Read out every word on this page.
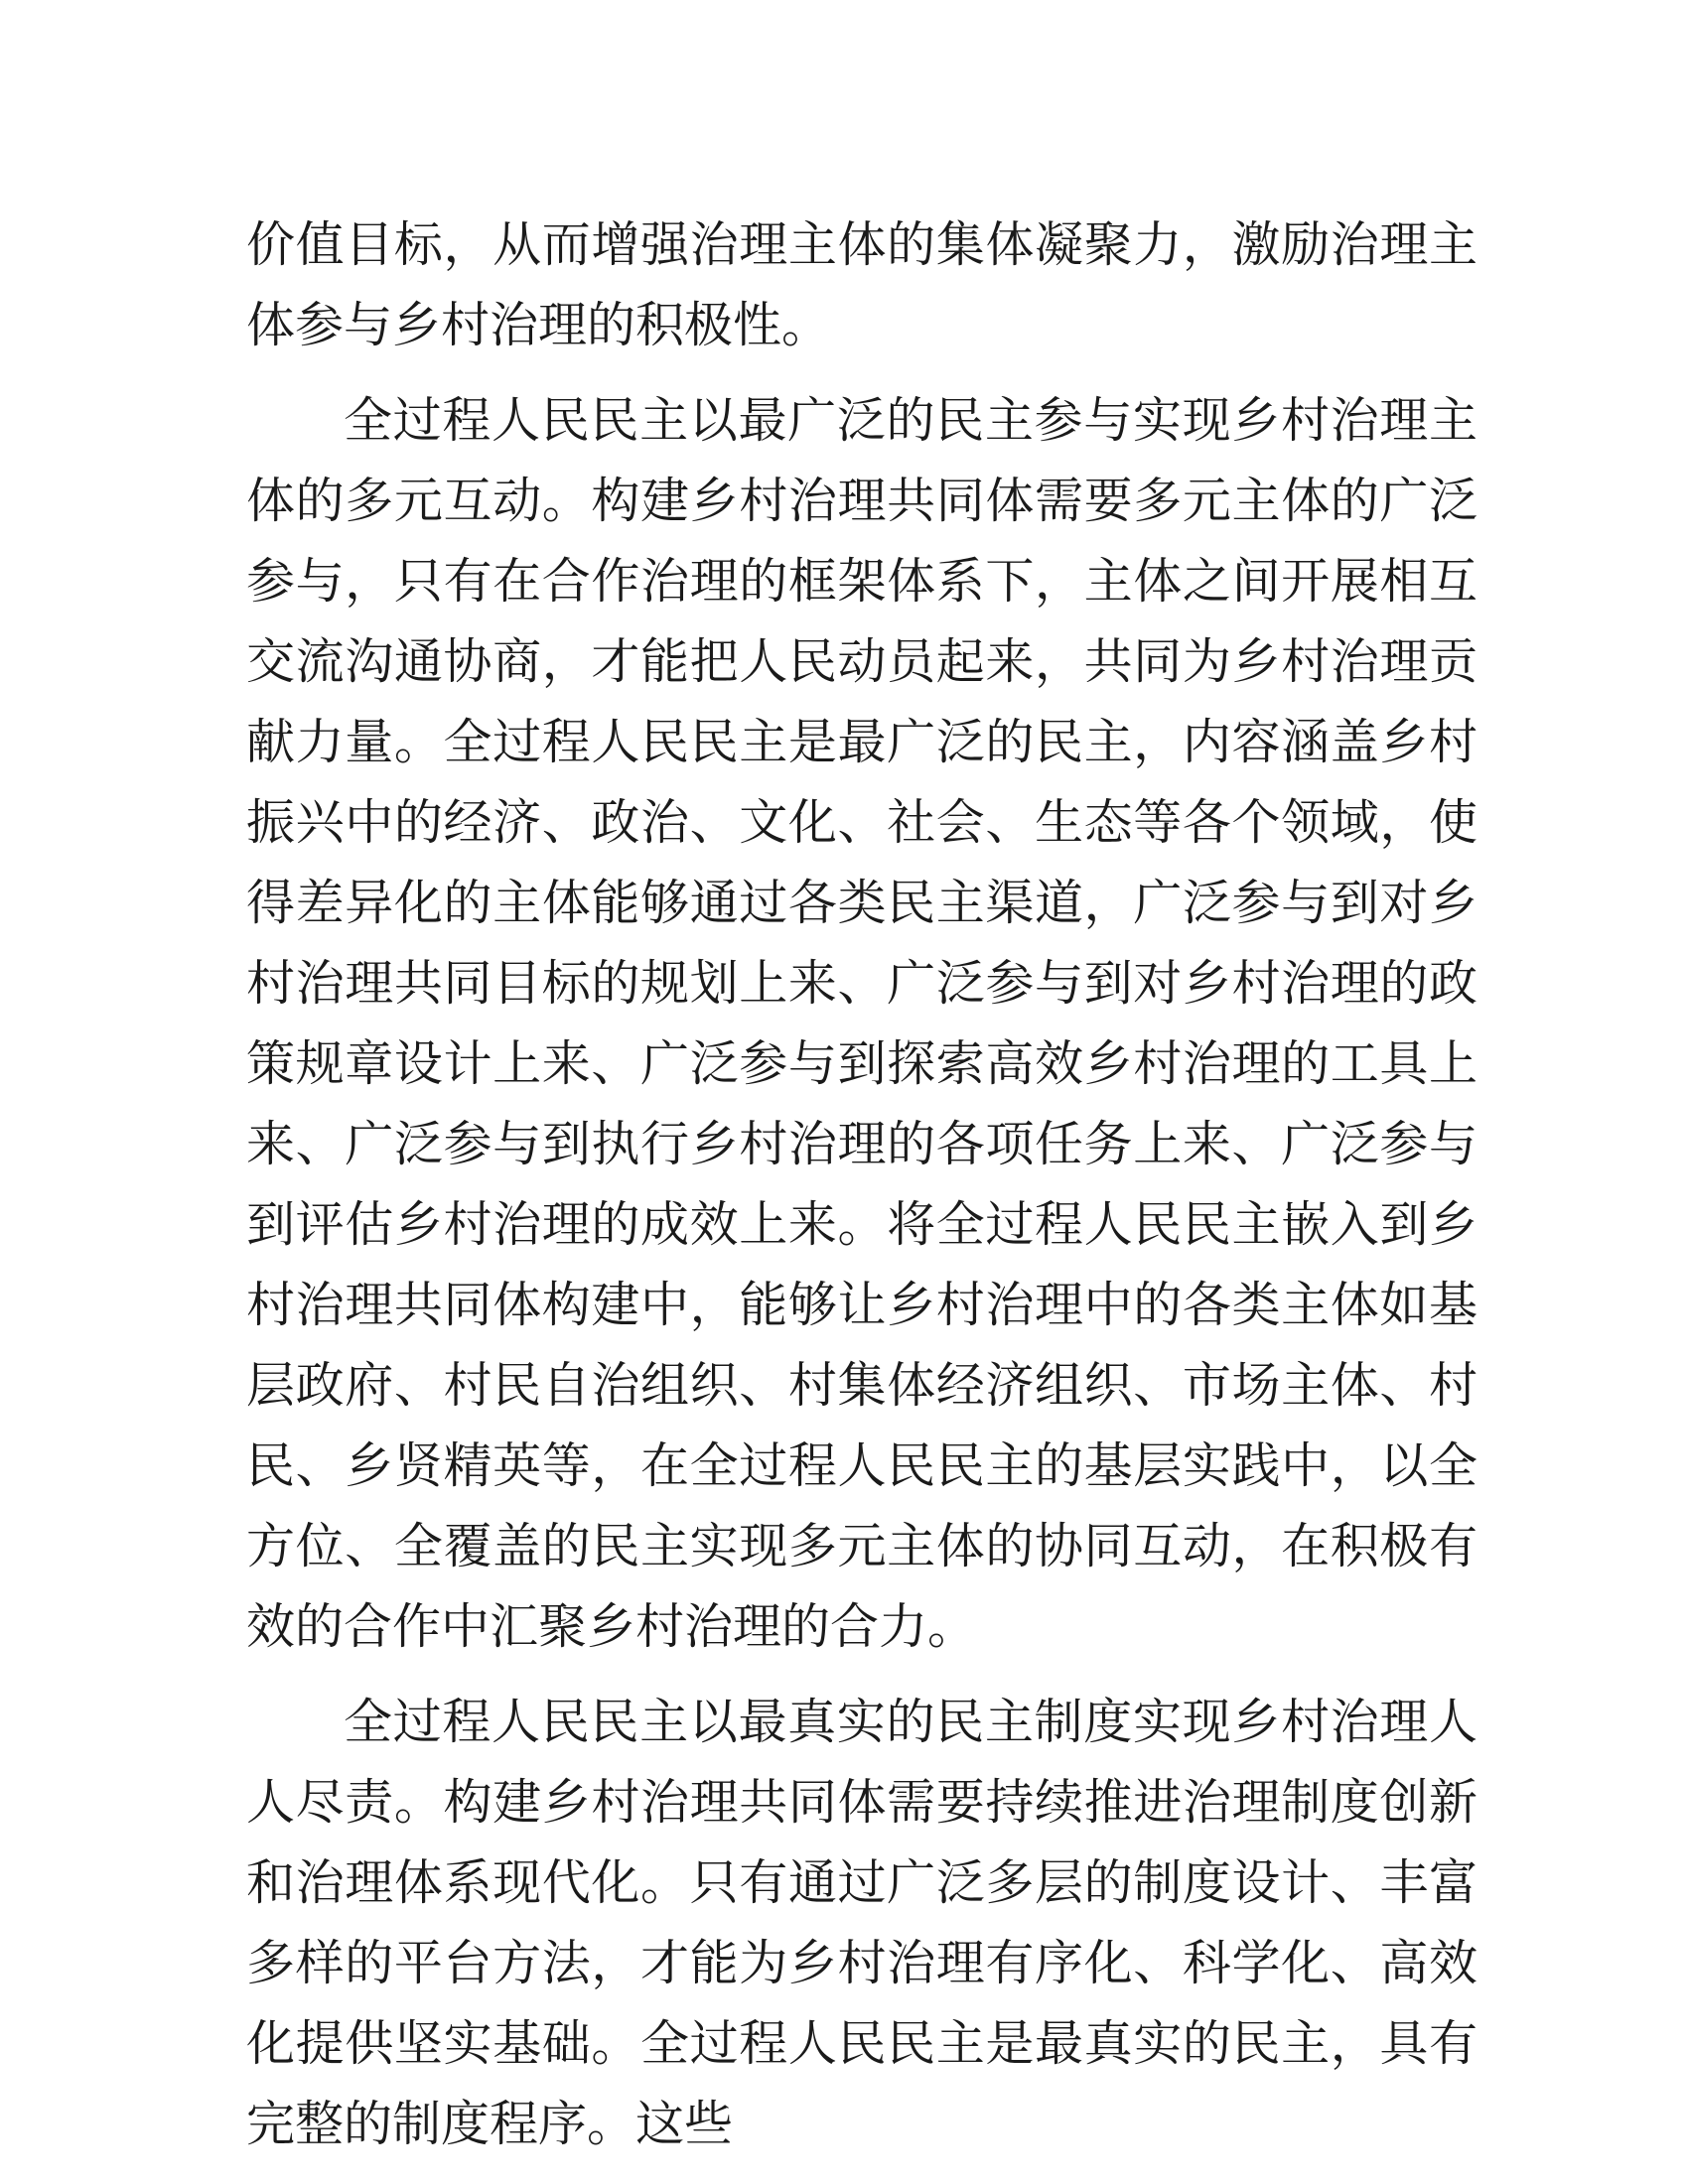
价值目标，从而增强治理主体的集体凝聚力，激励治理主体参与乡村治理的积极性。

全过程人民民主以最广泛的民主参与实现乡村治理主体的多元互动。构建乡村治理共同体需要多元主体的广泛参与，只有在合作治理的框架体系下，主体之间开展相互交流沟通协商，才能把人民动员起来，共同为乡村治理贡献力量。全过程人民民主是最广泛的民主，内容涵盖乡村振兴中的经济、政治、文化、社会、生态等各个领域，使得差异化的主体能够通过各类民主渠道，广泛参与到对乡村治理共同目标的规划上来、广泛参与到对乡村治理的政策规章设计上来、广泛参与到探索高效乡村治理的工具上来、广泛参与到执行乡村治理的各项任务上来、广泛参与到评估乡村治理的成效上来。将全过程人民民主嵌入到乡村治理共同体构建中，能够让乡村治理中的各类主体如基层政府、村民自治组织、村集体经济组织、市场主体、村民、乡贤精英等，在全过程人民民主的基层实践中，以全方位、全覆盖的民主实现多元主体的协同互动，在积极有效的合作中汇聚乡村治理的合力。

全过程人民民主以最真实的民主制度实现乡村治理人人尽责。构建乡村治理共同体需要持续推进治理制度创新和治理体系现代化。只有通过广泛多层的制度设计、丰富多样的平台方法，才能为乡村治理有序化、科学化、高效化提供坚实基础。全过程人民民主是最真实的民主，具有完整的制度程序。这些
